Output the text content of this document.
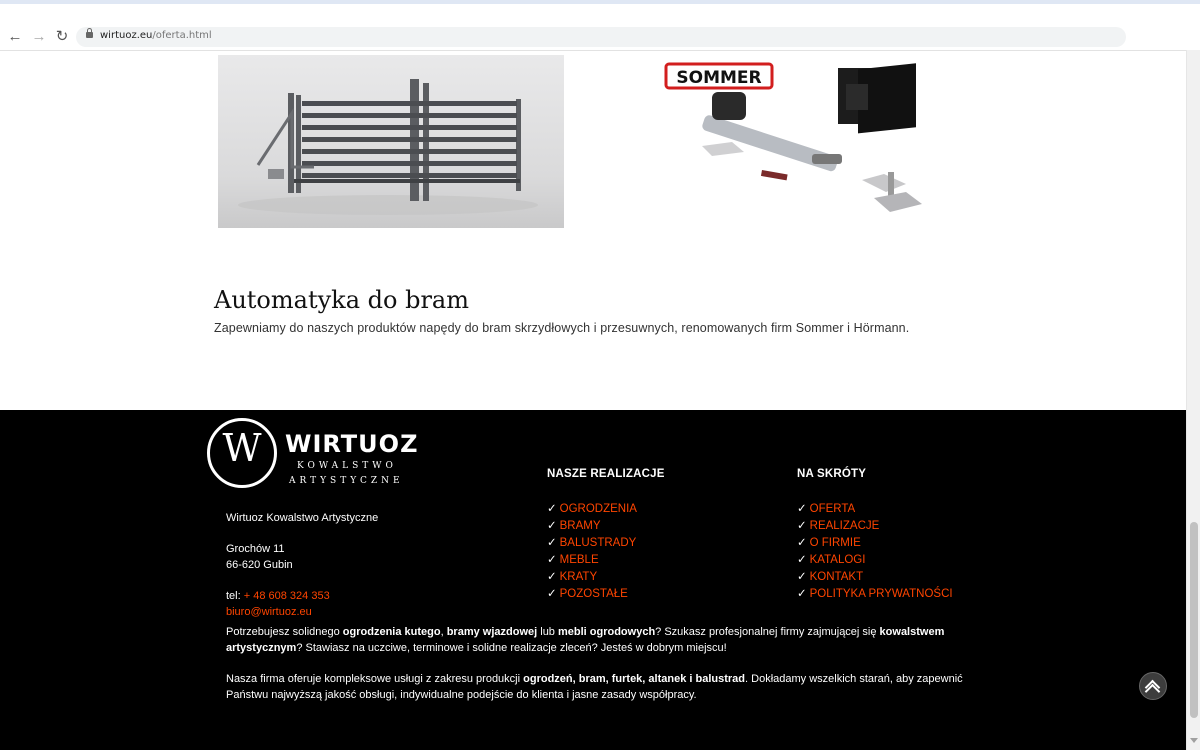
← → ↻	wirtuoz.eu/oferta.html
SOMMER
Automatyka do bram

Zapewniamy do naszych produktów napędy do bram skrzydłowych i przesuwnych, renomowanych firm Sommer i Hörmann.

W WIRTUOZ
KOWALSTWO
ARTYSTYCZNE
Wirtuoz Kowalstwo Artystyczne
Grochów 11
66-620 Gubin
tel: + 48 608 324 353
biuro@wirtuoz.eu
NASZE REALIZACJE
✓ OGRODZENIA
✓ BRAMY
✓ BALUSTRADY
✓ MEBLE
✓ KRATY
✓ POZOSTAŁE
NA SKRÓTY
✓ OFERTA
✓ REALIZACJE
✓ O FIRMIE
✓ KATALOGI
✓ KONTAKT
✓ POLITYKA PRYWATNOŚCI

Potrzebujesz solidnego ogrodzenia kutego, bramy wjazdowej lub mebli ogrodowych? Szukasz profesjonalnej firmy zajmującej się kowalstwem artystycznym? Stawiasz na uczciwe, terminowe i solidne realizacje zleceń? Jesteś w dobrym miejscu!

Nasza firma oferuje kompleksowe usługi z zakresu produkcji ogrodzeń, bram, furtek, altanek i balustrad. Dokładamy wszelkich starań, aby zapewnić Państwu najwyższą jakość obsługi, indywidualne podejście do klienta i jasne zasady współpracy.
